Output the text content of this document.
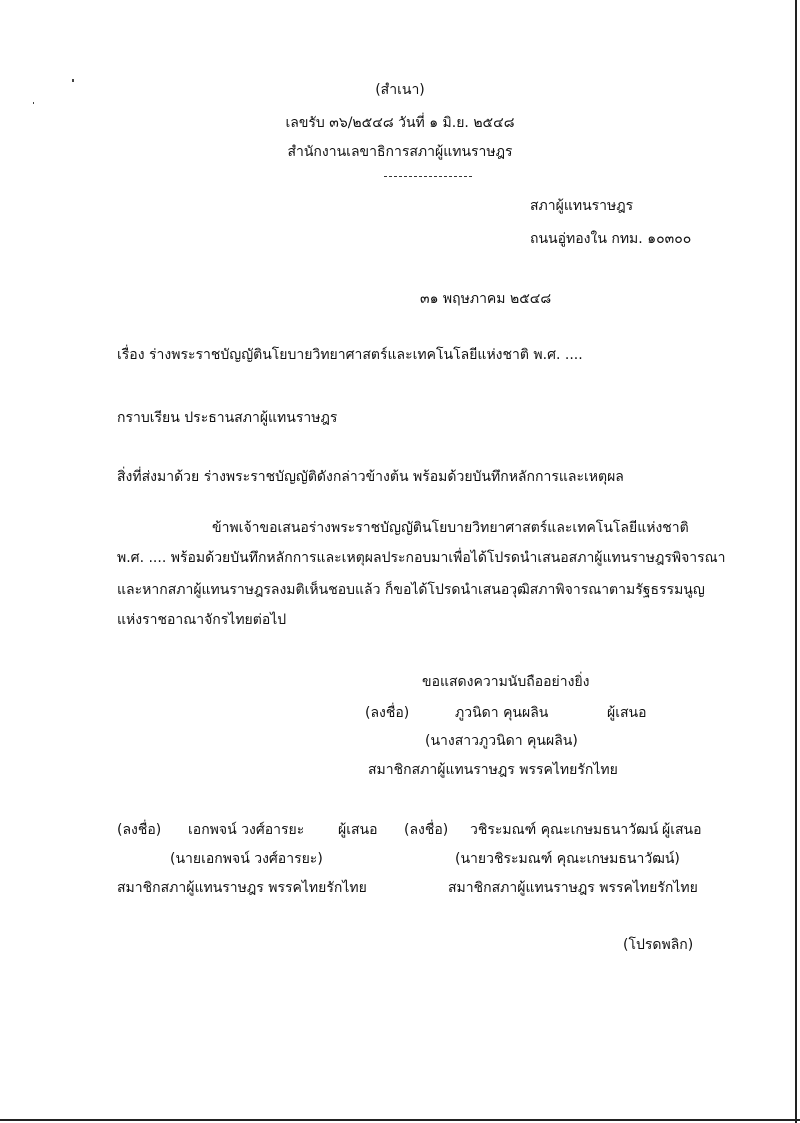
(สำเนา)
เลขรับ ๓๖/๒๕๔๘ วันที่ ๑ มิ.ย. ๒๕๔๘
สำนักงานเลขาธิการสภาผู้แทนราษฎร
สภาผู้แทนราษฎร
ถนนอู่ทองใน กทม. ๑๐๓๐๐
๓๑ พฤษภาคม ๒๕๔๘
เรื่อง ร่างพระราชบัญญัตินโยบายวิทยาศาสตร์และเทคโนโลยีแห่งชาติ พ.ศ. ....
กราบเรียน ประธานสภาผู้แทนราษฎร
สิ่งที่ส่งมาด้วย ร่างพระราชบัญญัติดังกล่าวข้างต้น พร้อมด้วยบันทึกหลักการและเหตุผล
ข้าพเจ้าขอเสนอร่างพระราชบัญญัตินโยบายวิทยาศาสตร์และเทคโนโลยีแห่งชาติ
พ.ศ. .... พร้อมด้วยบันทึกหลักการและเหตุผลประกอบมาเพื่อได้โปรดนำเสนอสภาผู้แทนราษฎรพิจารณา
และหากสภาผู้แทนราษฎรลงมติเห็นชอบแล้ว ก็ขอได้โปรดนำเสนอวุฒิสภาพิจารณาตามรัฐธรรมนูญ
แห่งราชอาณาจักรไทยต่อไป
ขอแสดงความนับถืออย่างยิ่ง
(ลงชื่อ)	ภูวนิดา คุนผลิน	ผู้เสนอ
(นางสาวภูวนิดา คุนผลิน)
สมาชิกสภาผู้แทนราษฎร พรรคไทยรักไทย
(ลงชื่อ) เอกพจน์ วงศ์อารยะ ผู้เสนอ
(นายเอกพจน์ วงศ์อารยะ)
สมาชิกสภาผู้แทนราษฎร พรรคไทยรักไทย
(ลงชื่อ) วชิระมณฑ์ คุณะเกษมธนาวัฒน์ ผู้เสนอ
(นายวชิระมณฑ์ คุณะเกษมธนาวัฒน์)
สมาชิกสภาผู้แทนราษฎร พรรคไทยรักไทย
(โปรดพลิก)
